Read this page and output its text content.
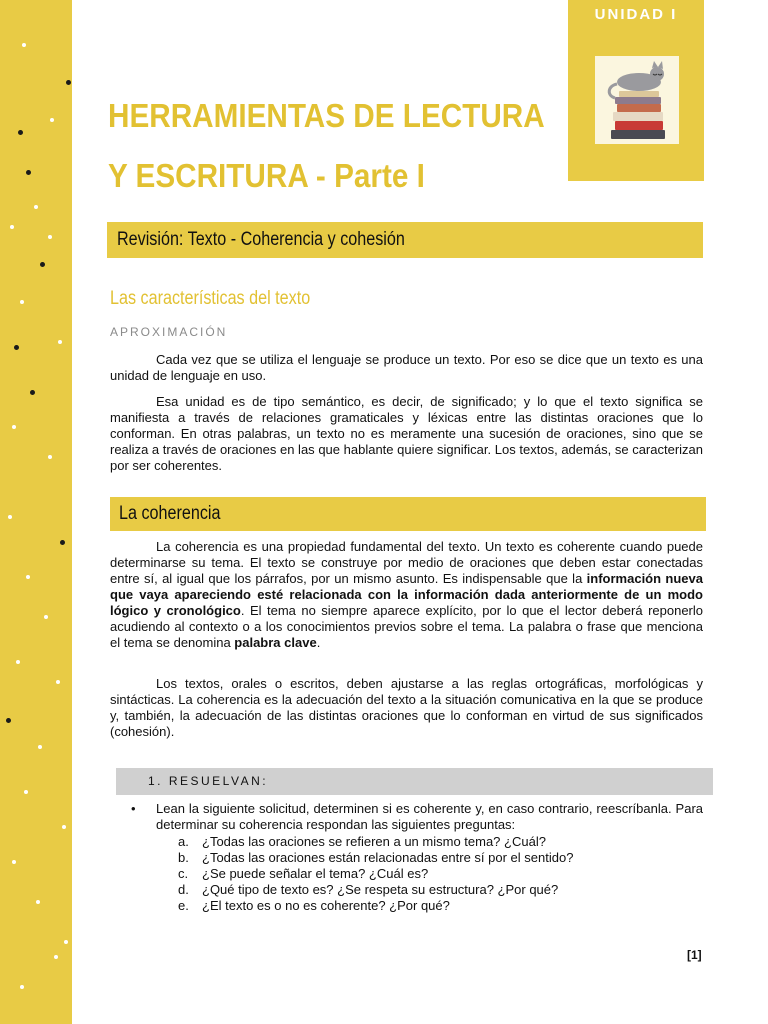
UNIDAD I
HERRAMIENTAS DE LECTURA
Y ESCRITURA - Parte I
Revisión: Texto - Coherencia y cohesión
Las características del texto
APROXIMACIÓN

Cada vez que se utiliza el lenguaje se produce un texto. Por eso se dice que un texto es una unidad de lenguaje en uso.

Esa unidad es de tipo semántico, es decir, de significado; y lo que el texto significa se manifiesta a través de relaciones gramaticales y léxicas entre las distintas oraciones que lo conforman. En otras palabras, un texto no es meramente una sucesión de oraciones, sino que se realiza a través de oraciones en las que hablante quiere significar. Los textos, además, se caracterizan por ser coherentes.

La coherencia

La coherencia es una propiedad fundamental del texto. Un texto es coherente cuando puede determinarse su tema. El texto se construye por medio de oraciones que deben estar conectadas entre sí, al igual que los párrafos, por un mismo asunto. Es indispensable que la información nueva que vaya apareciendo esté relacionada con la información dada anteriormente de un modo lógico y cronológico. El tema no siempre aparece explícito, por lo que el lector deberá reponerlo acudiendo al contexto o a los conocimientos previos sobre el tema. La palabra o frase que menciona el tema se denomina palabra clave.

Los textos, orales o escritos, deben ajustarse a las reglas ortográficas, morfológicas y sintácticas. La coherencia es la adecuación del texto a la situación comunicativa en la que se produce y, también, la adecuación de las distintas oraciones que lo conforman en virtud de sus significados (cohesión).

1. RESUELVAN:
• Lean la siguiente solicitud, determinen si es coherente y, en caso contrario, reescríbanla. Para determinar su coherencia respondan las siguientes preguntas:

a. ¿Todas las oraciones se refieren a un mismo tema? ¿Cuál?
b. ¿Todas las oraciones están relacionadas entre sí por el sentido?
c. ¿Se puede señalar el tema? ¿Cuál es?
d. ¿Qué tipo de texto es? ¿Se respeta su estructura? ¿Por qué?
e. ¿El texto es o no es coherente? ¿Por qué?
[1]
